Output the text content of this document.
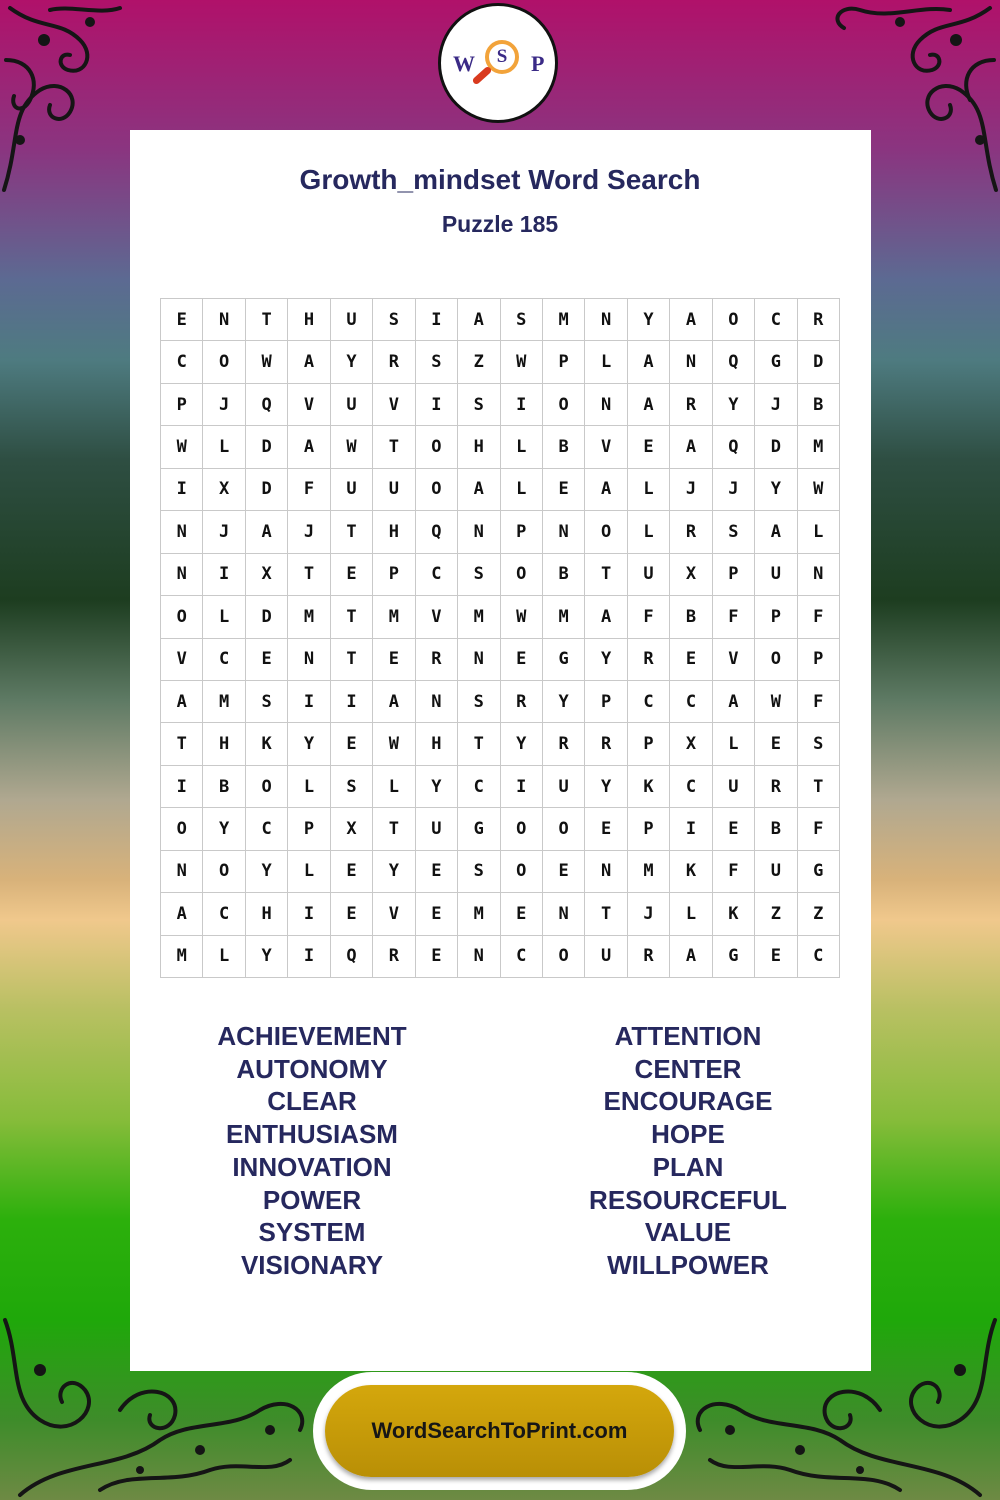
W	S	P
Growth_mindset Word Search
Puzzle 185
E	N	T	H	U	S	I	A	S	M	N	Y	A	O	C	R
C	O	W	A	Y	R	S	Z	W	P	L	A	N	Q	G	D
P	J	Q	V	U	V	I	S	I	O	N	A	R	Y	J	B
W	L	D	A	W	T	O	H	L	B	V	E	A	Q	D	M
I	X	D	F	U	U	O	A	L	E	A	L	J	J	Y	W
N	J	A	J	T	H	Q	N	P	N	O	L	R	S	A	L
N	I	X	T	E	P	C	S	O	B	T	U	X	P	U	N
O	L	D	M	T	M	V	M	W	M	A	F	B	F	P	F
V	C	E	N	T	E	R	N	E	G	Y	R	E	V	O	P
A	M	S	I	I	A	N	S	R	Y	P	C	C	A	W	F
T	H	K	Y	E	W	H	T	Y	R	R	P	X	L	E	S
I	B	O	L	S	L	Y	C	I	U	Y	K	C	U	R	T
O	Y	C	P	X	T	U	G	O	O	E	P	I	E	B	F
N	O	Y	L	E	Y	E	S	O	E	N	M	K	F	U	G
A	C	H	I	E	V	E	M	E	N	T	J	L	K	Z	Z
M	L	Y	I	Q	R	E	N	C	O	U	R	A	G	E	C
ACHIEVEMENT
AUTONOMY
CLEAR
ENTHUSIASM
INNOVATION
POWER
SYSTEM
VISIONARY
ATTENTION
CENTER
ENCOURAGE
HOPE
PLAN
RESOURCEFUL
VALUE
WILLPOWER
WordSearchToPrint.com
